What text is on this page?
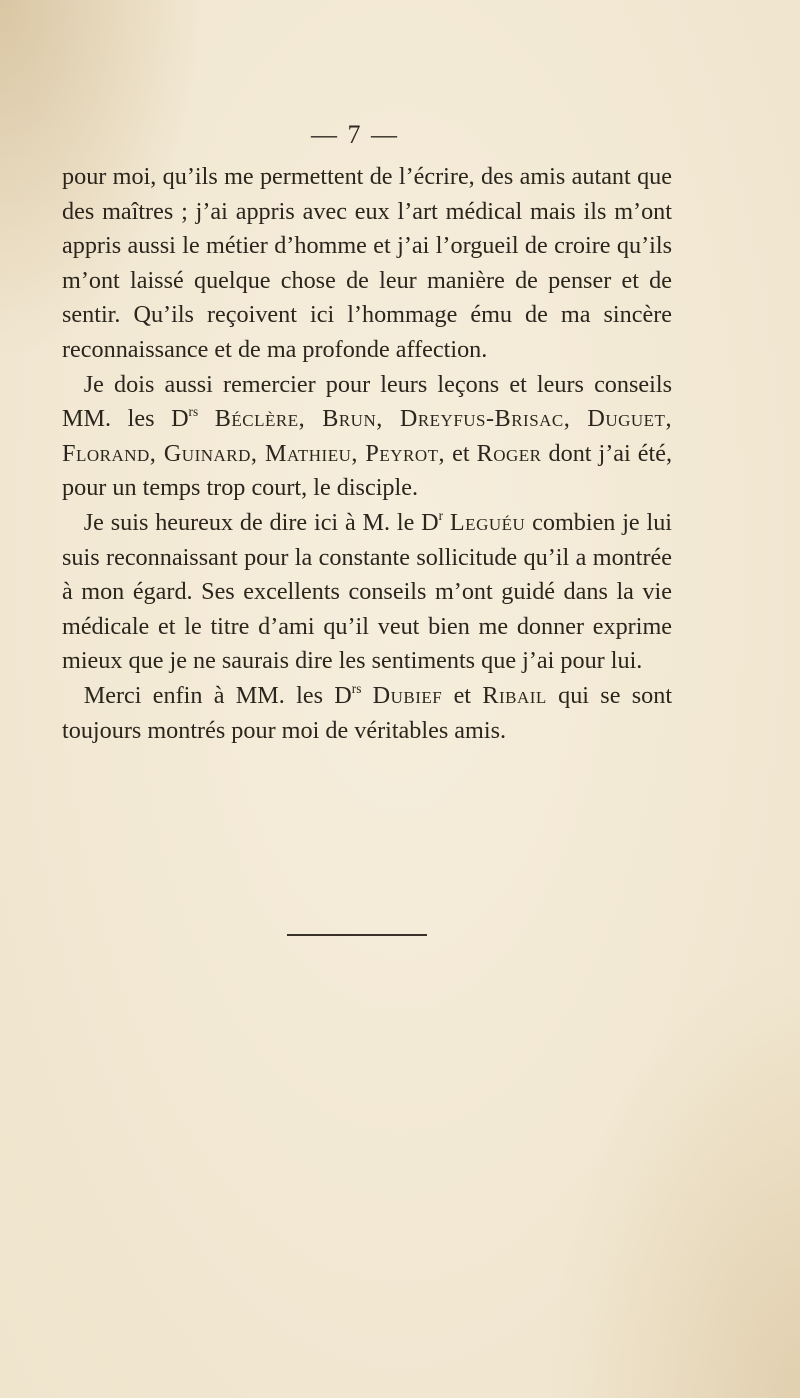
— 7 —

pour moi, qu’ils me permettent de l’écrire, des amis autant que des maîtres ; j’ai appris avec eux l’art médical mais ils m’ont appris aussi le métier d’homme et j’ai l’orgueil de croire qu’ils m’ont laissé quelque chose de leur manière de penser et de sentir. Qu’ils reçoivent ici l’hommage ému de ma sincère reconnaissance et de ma profonde affection.

Je dois aussi remercier pour leurs leçons et leurs conseils MM. les $D^{rs}$ Béclère, Brun, Dreyfus-Brisac, Duguet, Florand, Guinard, Mathieu, Peyrot, et Roger dont j’ai été, pour un temps trop court, le disciple.

Je suis heureux de dire ici à M. le $D^r$ Leguéu combien je lui suis reconnaissant pour la constante sollicitude qu’il a montrée à mon égard. Ses excellents conseils m’ont guidé dans la vie médicale et le titre d’ami qu’il veut bien me donner exprime mieux que je ne saurais dire les sentiments que j’ai pour lui.

Merci enfin à MM. les $D^{rs}$ Dubief et Ribail qui se sont toujours montrés pour moi de véritables amis.
